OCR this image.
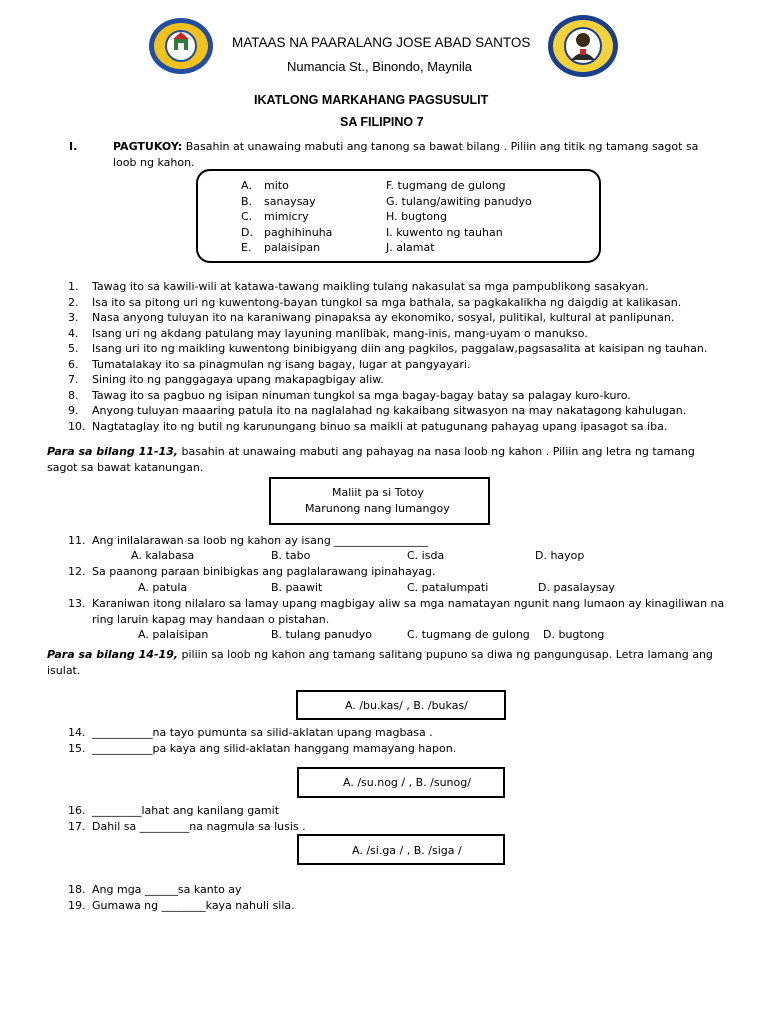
MATAAS NA PAARALANG JOSE ABAD SANTOS
Numancia St., Binondo, Maynila
IKATLONG MARKAHANG PAGSUSULIT
SA FILIPINO 7
I.	PAGTUKOY: Basahin at unawaing mabuti ang tanong sa bawat bilang . Piliin ang titik ng tamang sagot sa
loob ng kahon.
A. mito
B. sanaysay
C. mimicry
D. paghihinuha
E. palaisipan
F. tugmang de gulong
G. tulang/awiting panudyo
H. bugtong
I. kuwento ng tauhan
J. alamat
1. Tawag ito sa kawili-wili at katawa-tawang maikling tulang nakasulat sa mga pampublikong sasakyan.
2. Isa ito sa pitong uri ng kuwentong-bayan tungkol sa mga bathala, sa pagkakalikha ng daigdig at kalikasan.
3. Nasa anyong tuluyan ito na karaniwang pinapaksa ay ekonomiko, sosyal, pulitikal, kultural at panlipunan.
4. Isang uri ng akdang patulang may layuning manlibak, mang-inis, mang-uyam o manukso.
5. Isang uri ito ng maikling kuwentong binibigyang diin ang pagkilos, paggalaw,pagsasalita at kaisipan ng tauhan.
6. Tumatalakay ito sa pinagmulan ng isang bagay, lugar at pangyayari.
7. Sining ito ng panggagaya upang makapagbigay aliw.
8. Tawag ito sa pagbuo ng isipan ninuman tungkol sa mga bagay-bagay batay sa palagay kuro-kuro.
9. Anyong tuluyan maaaring patula ito na naglalahad ng kakaibang sitwasyon na may nakatagong kahulugan.
10. Nagtataglay ito ng butil ng karunungang binuo sa maikli at patugunang pahayag upang ipasagot sa iba.
Para sa bilang 11-13, basahin at unawaing mabuti ang pahayag na nasa loob ng kahon . Piliin ang letra ng tamang
sagot sa bawat katanungan.
Maliit pa si Totoy
Marunong nang lumangoy
11. Ang inilalarawan sa loob ng kahon ay isang _________________
A. kalabasa	B. tabo	C. isda	D. hayop
12. Sa paanong paraan binibigkas ang paglalarawang ipinahayag.
A. patula	B. paawit	C. patalumpati	D. pasalaysay
13. Karaniwan itong nilalaro sa lamay upang magbigay aliw sa mga namatayan ngunit nang lumaon ay kinagiliwan na
ring laruin kapag may handaan o pistahan.
A. palaisipan	B. tulang panudyo	C. tugmang de gulong D. bugtong
Para sa bilang 14-19, piliin sa loob ng kahon ang tamang salitang pupuno sa diwa ng pangungusap. Letra lamang ang
isulat.
A. /bu.kas/ , B. /bukas/
14. ___________na tayo pumunta sa silid-aklatan upang magbasa .
15. ___________pa kaya ang silid-aklatan hanggang mamayang hapon.
A. /su.nog / , B. /sunog/
16. _________lahat ang kanilang gamit
17. Dahil sa _________na nagmula sa lusis .
A. /si.ga / , B. /siga /
18. Ang mga ______sa kanto ay
19. Gumawa ng ________kaya nahuli sila.
